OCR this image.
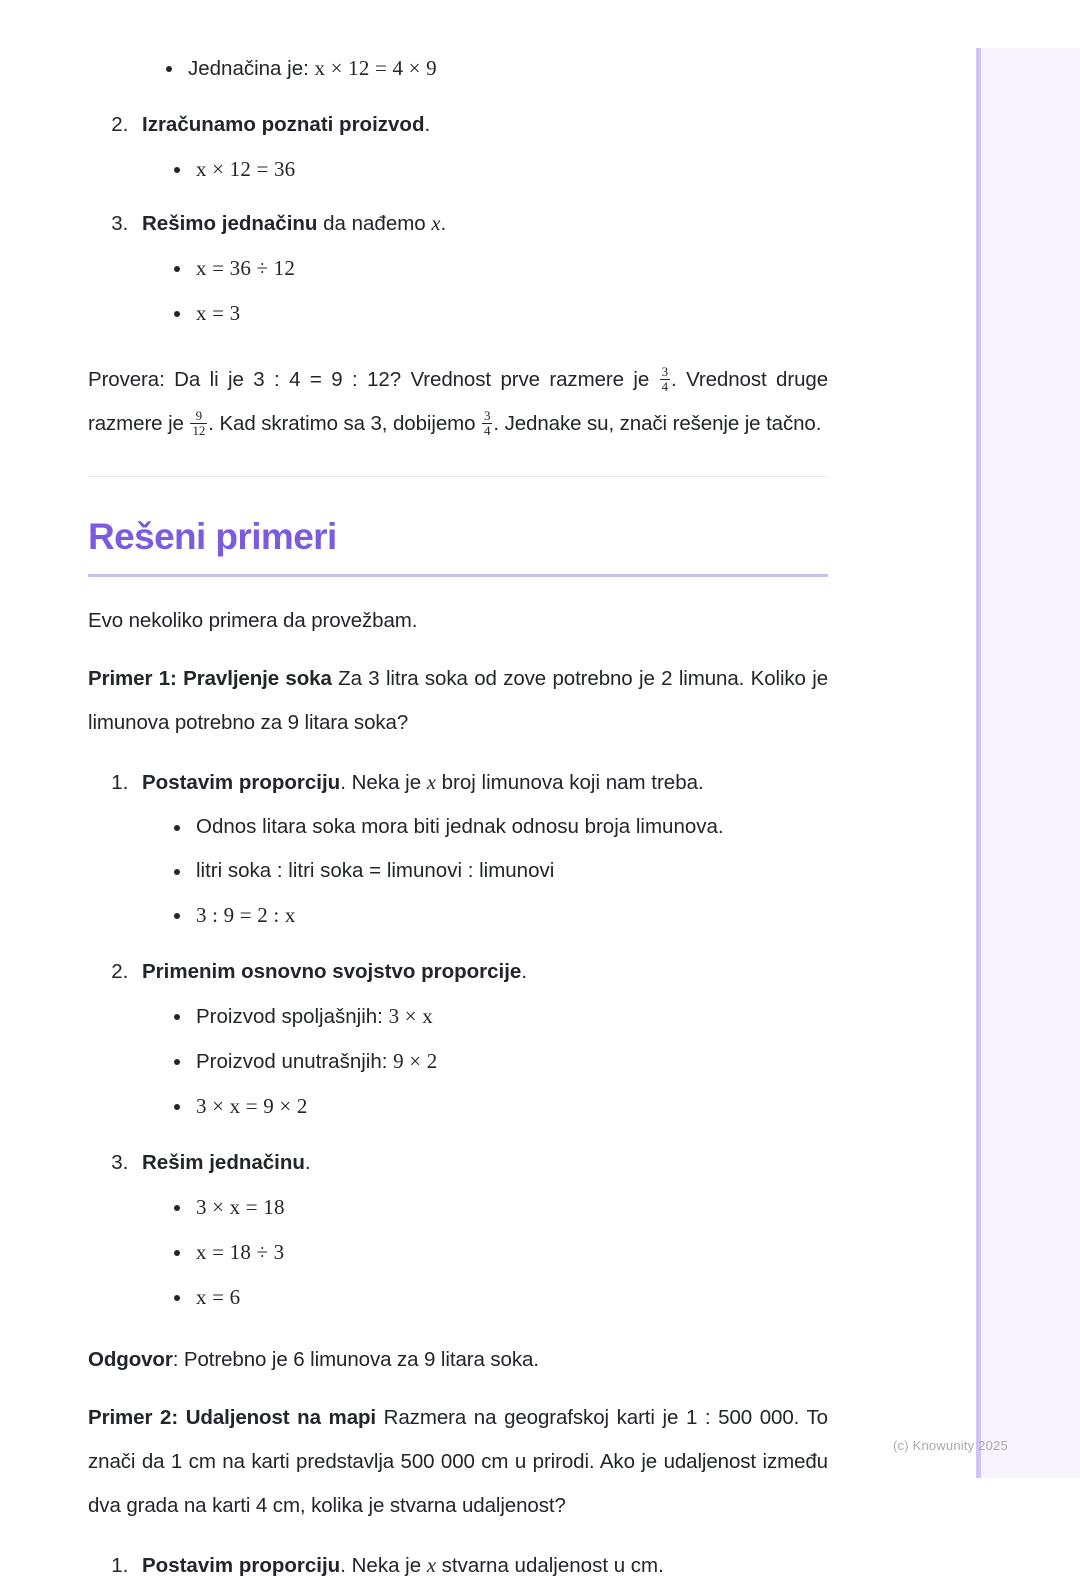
Jednačina je: x × 12 = 4 × 9
2. Izračunamo poznati proizvod.
x × 12 = 36
3. Rešimo jednačinu da nađemo x.
x = 36 ÷ 12
x = 3

Provera: Da li je 3 : 4 = 9 : 12? Vrednost prve razmere je $\frac{3}{4}$ . Vrednost druge razmere je $\frac{9}{12}$ . Kad skratimo sa 3, dobijemo $\frac{3}{4}$ . Jednake su, znači rešenje je tačno.

Rešeni primeri

Evo nekoliko primera da provežbam.

Primer 1: Pravljenje soka Za 3 litra soka od zove potrebno je 2 limuna. Koliko je limunova potrebno za 9 litara soka?

1. Postavim proporciju. Neka je x broj limunova koji nam treba.
Odnos litara soka mora biti jednak odnosu broja limunova.
litri soka : litri soka = limunovi : limunovi
3 : 9 = 2 : x
2. Primenim osnovno svojstvo proporcije.
Proizvod spoljašnjih: 3 × x
Proizvod unutrašnjih: 9 × 2
3 × x = 9 × 2
3. Rešim jednačinu.
3 × x = 18
x = 18 ÷ 3
x = 6

Odgovor: Potrebno je 6 limunova za 9 litara soka.

Primer 2: Udaljenost na mapi Razmera na geografskoj karti je 1 : 500 000. To znači da 1 cm na karti predstavlja 500 000 cm u prirodi. Ako je udaljenost između dva grada na karti 4 cm, kolika je stvarna udaljenost?

1. Postavim proporciju. Neka je x stvarna udaljenost u cm.
(c) Knowunity 2025
